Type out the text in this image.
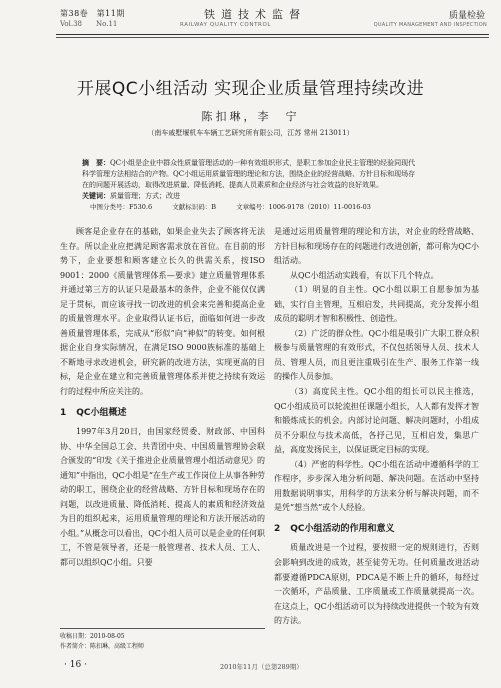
第38卷　第11期
Vol.38　　No.11
铁道技术监督
RAILWAY QUALITY CONTROL
质量检验
QUALITY MANAGEMENT AND INSPECTION
开展QC小组活动 实现企业质量管理持续改进
陈扣琳，李　宁
（南车戚墅堰机车车辆工艺研究所有限公司，江苏 常州 213011）
摘　要：QC小组是企业中群众性质量管理活动的一种有效组织形式，是职工参加企业民主管理的经验同现代科学管理方法相结合的产物。QC小组运用质量管理的理论和方法，围绕企业的经营战略、方针目标和现场存在的问题开展活动，取得改进质量、降低消耗、提高人员素质和企业经济与社会效益的良好效果。
关键词：质量管理；方式；改进
中图分类号：F530.6	文献标识码：B	文章编号：1006-9178（2010）11-0016-03

顾客是企业存在的基础，如果企业失去了顾客将无法生存。所以企业应把满足顾客需求放在首位。在目前的形势下，企业要想和顾客建立长久的供需关系，按ISO 9001：2000《质量管理体系—要求》建立质量管理体系并通过第三方的认证只是最基本的条件，企业不能仅仅满足于贯标，而应该寻找一切改进的机会来完善和提高企业的质量管理水平。企业取得认证书后，面临如何进一步改善质量管理体系，完成从“形似”向“神似”的转变。如何根据企业自身实际情况，在满足ISO 9000族标准的基础上不断地寻求改进机会，研究新的改进方法，实现更高的目标，是企业在建立和完善质量管理体系并使之持续有效运行的过程中所应关注的。

1 QC小组概述

1997年3月20日，由国家经贸委、财政部、中国科协、中华全国总工会、共青团中央、中国质量管理协会联合颁发的“印发《关于推进企业质量管理小组活动意见》的通知”中指出，QC小组是“在生产或工作岗位上从事各种劳动的职工，围绕企业的经营战略、方针目标和现场存在的问题，以改进质量、降低消耗、提高人的素质和经济效益为目的组织起来，运用质量管理的理论和方法开展活动的小组。”从概念可以看出，QC小组人员可以是企业的任何职工，不管是领导者，还是一般管理者、技术人员、工人、都可以组织QC小组。只要

是通过运用质量管理的理论和方法，对企业的经营战略、方针目标和现场存在的问题进行改进创新，都可称为QC小组活动。

从QC小组活动实践看，有以下几个特点。

（1）明显的自主性。QC小组以职工自愿参加为基础，实行自主管理，互相启发，共同提高，充分发挥小组成员的聪明才智和积极性、创造性。

（2）广泛的群众性。QC小组是吸引广大职工群众积极参与质量管理的有效形式，不仅包括领导人员、技术人员、管理人员，而且更注重吸引在生产、服务工作第一线的操作人员参加。

（3）高度民主性。QC小组的组长可以民主推选，QC小组成员可以轮流担任课题小组长，人人都有发挥才智和锻炼成长的机会。内部讨论问题、解决问题时，小组成员不分职位与技术高低，各抒己见，互相启发，集思广益，高度发扬民主，以保证既定目标的实现。

（4）严密的科学性。QC小组在活动中遵循科学的工作程序，步步深入地分析问题、解决问题。在活动中坚持用数据说明事实，用科学的方法来分析与解决问题，而不是凭“想当然”或个人经验。

2 QC小组活动的作用和意义

质量改进是一个过程，要按照一定的规则进行，否则会影响到改进的成效，甚至徒劳无功。任何质量改进活动都要遵循PDCA原则，PDCA是不断上升的循环，每经过一次循环，产品质量、工序质量或工作质量就提高一次。在这点上，QC小组活动可以为持续改进提供一个较为有效的方法。

收稿日期：2010-08-05
作者简介：陈扣琳，高级工程师
· 16 ·	2010年11月（总第289期）
